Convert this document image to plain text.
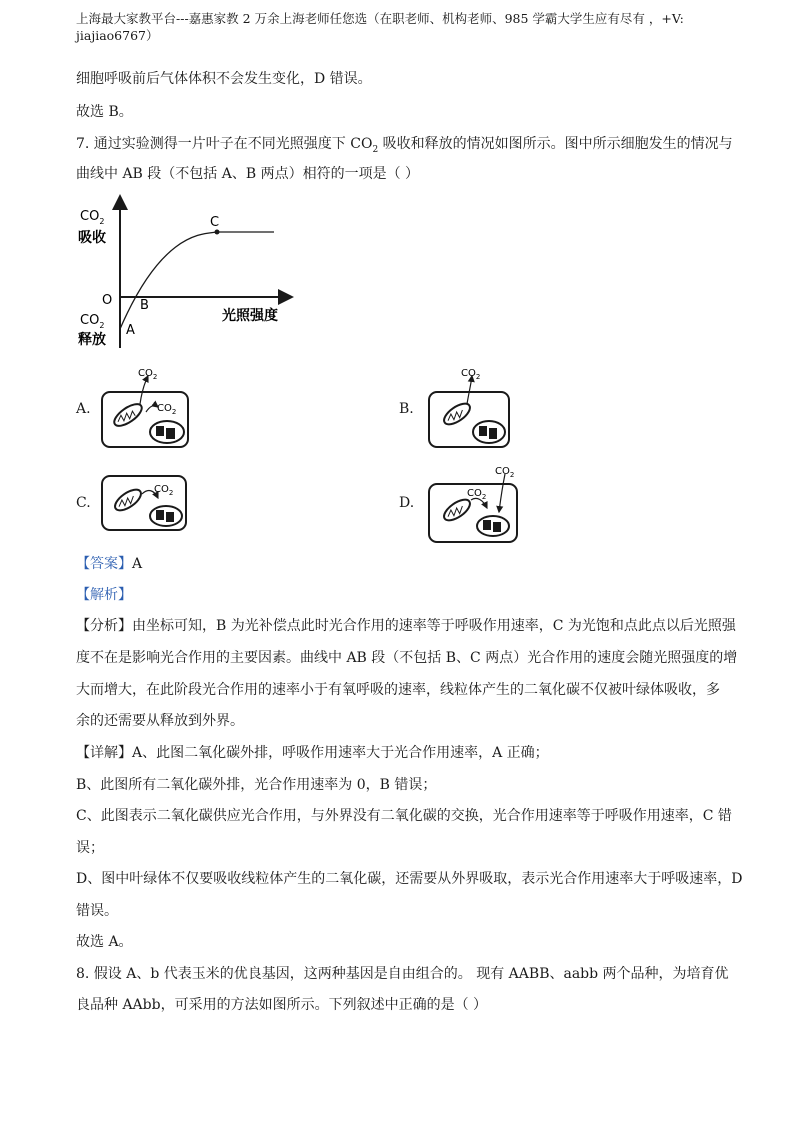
上海最大家教平台---嘉惠家教 2 万余上海老师任您选（在职老师、机构老师、985 学霸大学生应有尽有 ，+V:
jiajiao6767）
细胞呼吸前后气体体积不会发生变化，D 错误。
故选 B。
7. 通过实验测得一片叶子在不同光照强度下 $CO_2$ 吸收和释放的情况如图所示。图中所示细胞发生的情况与
曲线中 AB 段（不包括 A、B 两点）相符的一项是（ ）
$CO_2$
吸收
O
$CO_2$
释放
光照强度
A
B
C
A.	B.
C.	D.
$CO_2$
$CO_2$
$CO_2$
$CO_2$	$CO_2$
$CO_2$
【答案】A
【解析】
【分析】由坐标可知，B 为光补偿点此时光合作用的速率等于呼吸作用速率，C 为光饱和点此点以后光照强
度不在是影响光合作用的主要因素。曲线中 AB 段（不包括 B、C 两点）光合作用的速度会随光照强度的增
大而增大，在此阶段光合作用的速率小于有氧呼吸的速率，线粒体产生的二氧化碳不仅被叶绿体吸收，多
余的还需要从释放到外界。
【详解】A、此图二氧化碳外排，呼吸作用速率大于光合作用速率，A 正确；
B、此图所有二氧化碳外排，光合作用速率为 0，B 错误；
C、此图表示二氧化碳供应光合作用，与外界没有二氧化碳的交换，光合作用速率等于呼吸作用速率，C 错
误；
D、图中叶绿体不仅要吸收线粒体产生的二氧化碳，还需要从外界吸取，表示光合作用速率大于呼吸速率，D
错误。
故选 A。
8. 假设 A、b 代表玉米的优良基因，这两种基因是自由组合的。 现有 AABB、aabb 两个品种，为培育优
良品种 AAbb，可采用的方法如图所示。下列叙述中正确的是（ ）
